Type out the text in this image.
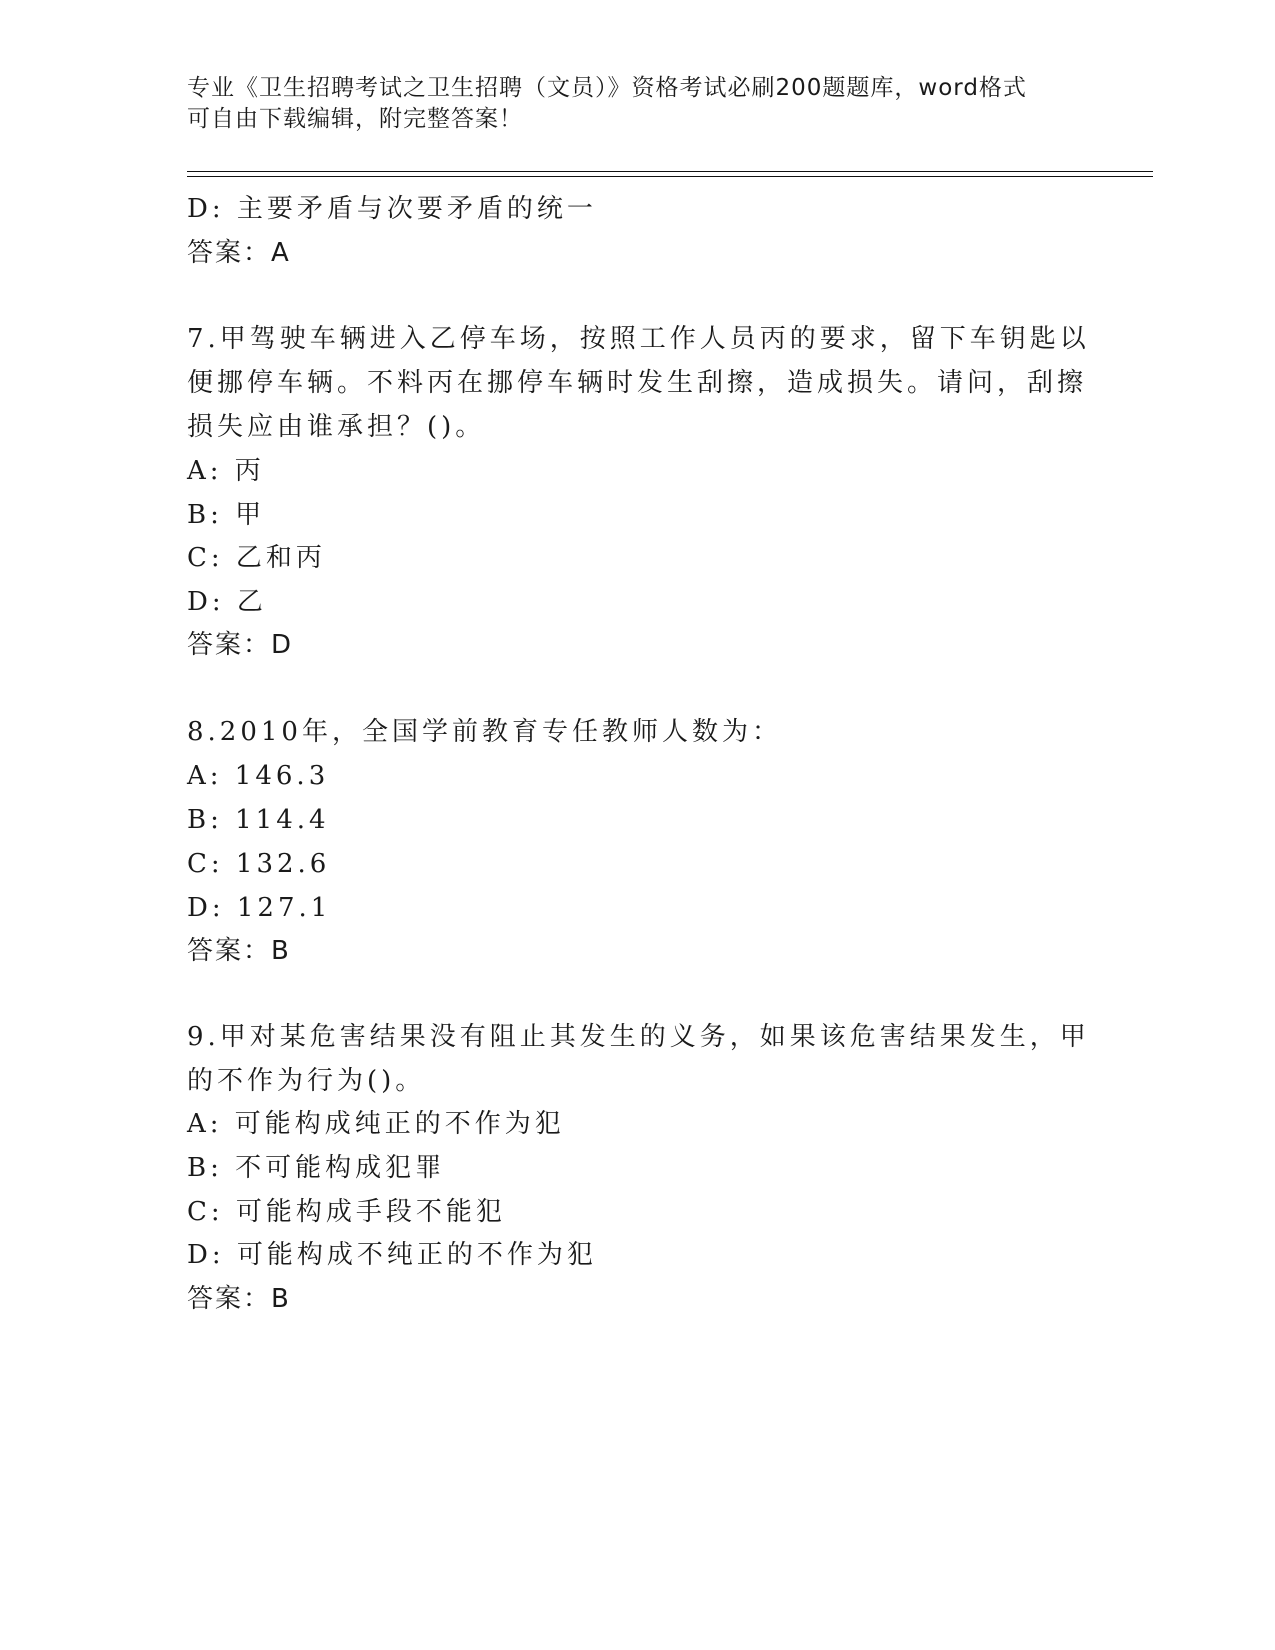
专业《卫生招聘考试之卫生招聘（文员）》资格考试必刷200题题库，word格式
可自由下载编辑，附完整答案！
D: 主要矛盾与次要矛盾的统一
答案：A
7.甲驾驶车辆进入乙停车场，按照工作人员丙的要求，留下车钥匙以
便挪停车辆。不料丙在挪停车辆时发生刮擦，造成损失。请问，刮擦
损失应由谁承担？()。
A: 丙
B: 甲
C: 乙和丙
D: 乙
答案：D
8.2010年，全国学前教育专任教师人数为：
A: 146.3
B: 114.4
C: 132.6
D: 127.1
答案：B
9.甲对某危害结果没有阻止其发生的义务，如果该危害结果发生，甲
的不作为行为()。
A: 可能构成纯正的不作为犯
B: 不可能构成犯罪
C: 可能构成手段不能犯
D: 可能构成不纯正的不作为犯
答案：B
